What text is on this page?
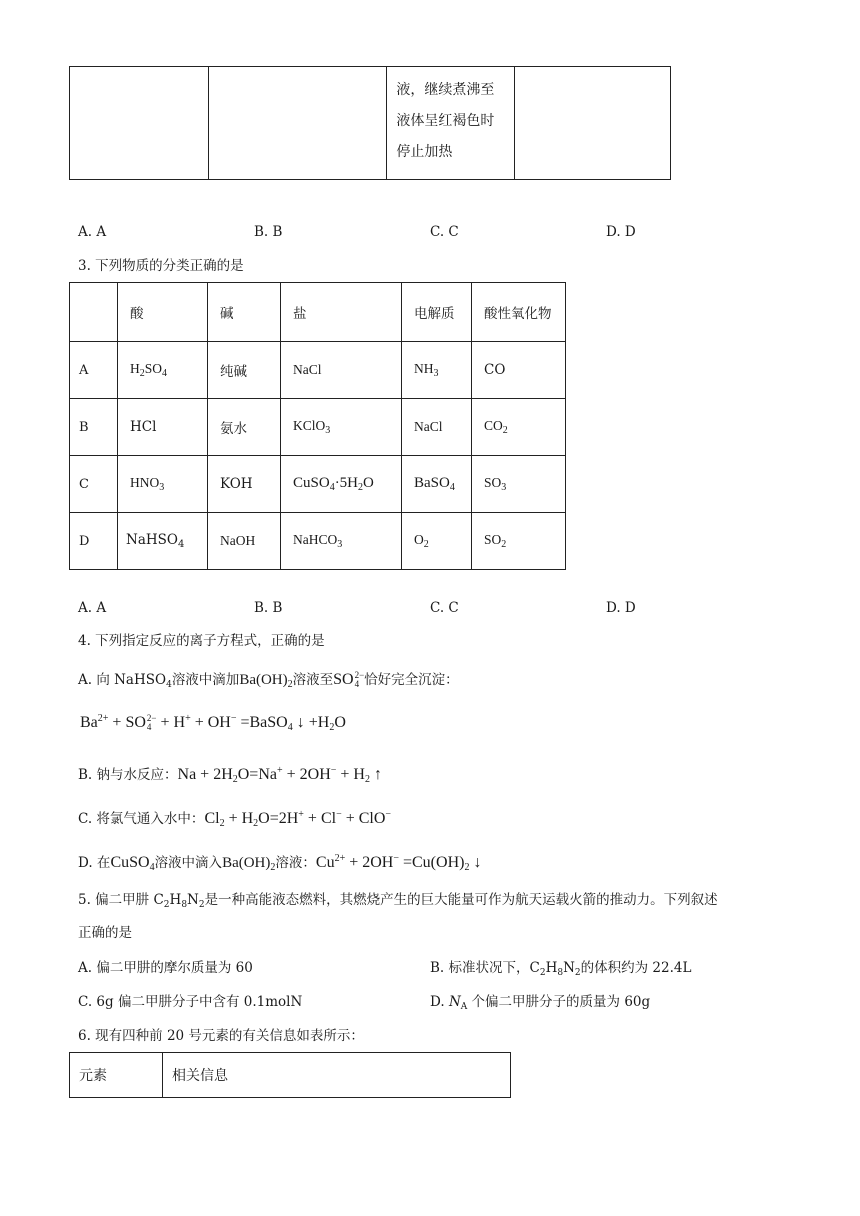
液，继续煮沸至
液体呈红褐色时
停止加热

A. A	B. B	C. C	D. D
3. 下列物质的分类正确的是
	酸	碱	盐	电解质	酸性氧化物
A	$H_2SO_4$	纯碱	NaCl	$NH_3$	CO
B	HCl	氨水	KClO$_3$	NaCl	$CO_2$
C	$HNO_3$	KOH	$CuSO_4\cdot 5H_2O$	BaSO$_4$	$SO_3$
D	NaHSO$_4$	NaOH	NaHCO$_3$	$O_2$	$SO_2$
A. A	B. B	C. C	D. D
4. 下列指定反应的离子方程式，正确的是
A. 向 NaHSO$_4$溶液中滴加$Ba(OH)_2$溶液至SO 2−
4 恰好完全沉淀：
$Ba^{2+}$ + SO 2−
4 + H+ + OH− =BaSO$_4$ ↓ $+H_2O$
B. 钠与水反应：$Na + 2H_2O=Na^+ + 2OH^- + H_2$ ↑
C. 将氯气通入水中：$Cl_2 + H_2O=2H^+ + Cl^- + ClO^-$
D. 在CuSO$_4$溶液中滴入$Ba(OH)_2$溶液：$Cu^{2+} + 2OH^- =Cu(OH)_2$ ↓
5. 偏二甲肼 $C_2H_8N_2$是一种高能液态燃料，其燃烧产生的巨大能量可作为航天运载火箭的推动力。下列叙述
正确的是
A. 偏二甲肼的摩尔质量为 60	B. 标准状况下，$C_2H_8N_2$的体积约为 22.4L
C. 6g 偏二甲肼分子中含有 0.1molN	D. $N_A$ 个偏二甲肼分子的质量为 60g
6. 现有四种前 20 号元素的有关信息如表所示：
元素	相关信息
